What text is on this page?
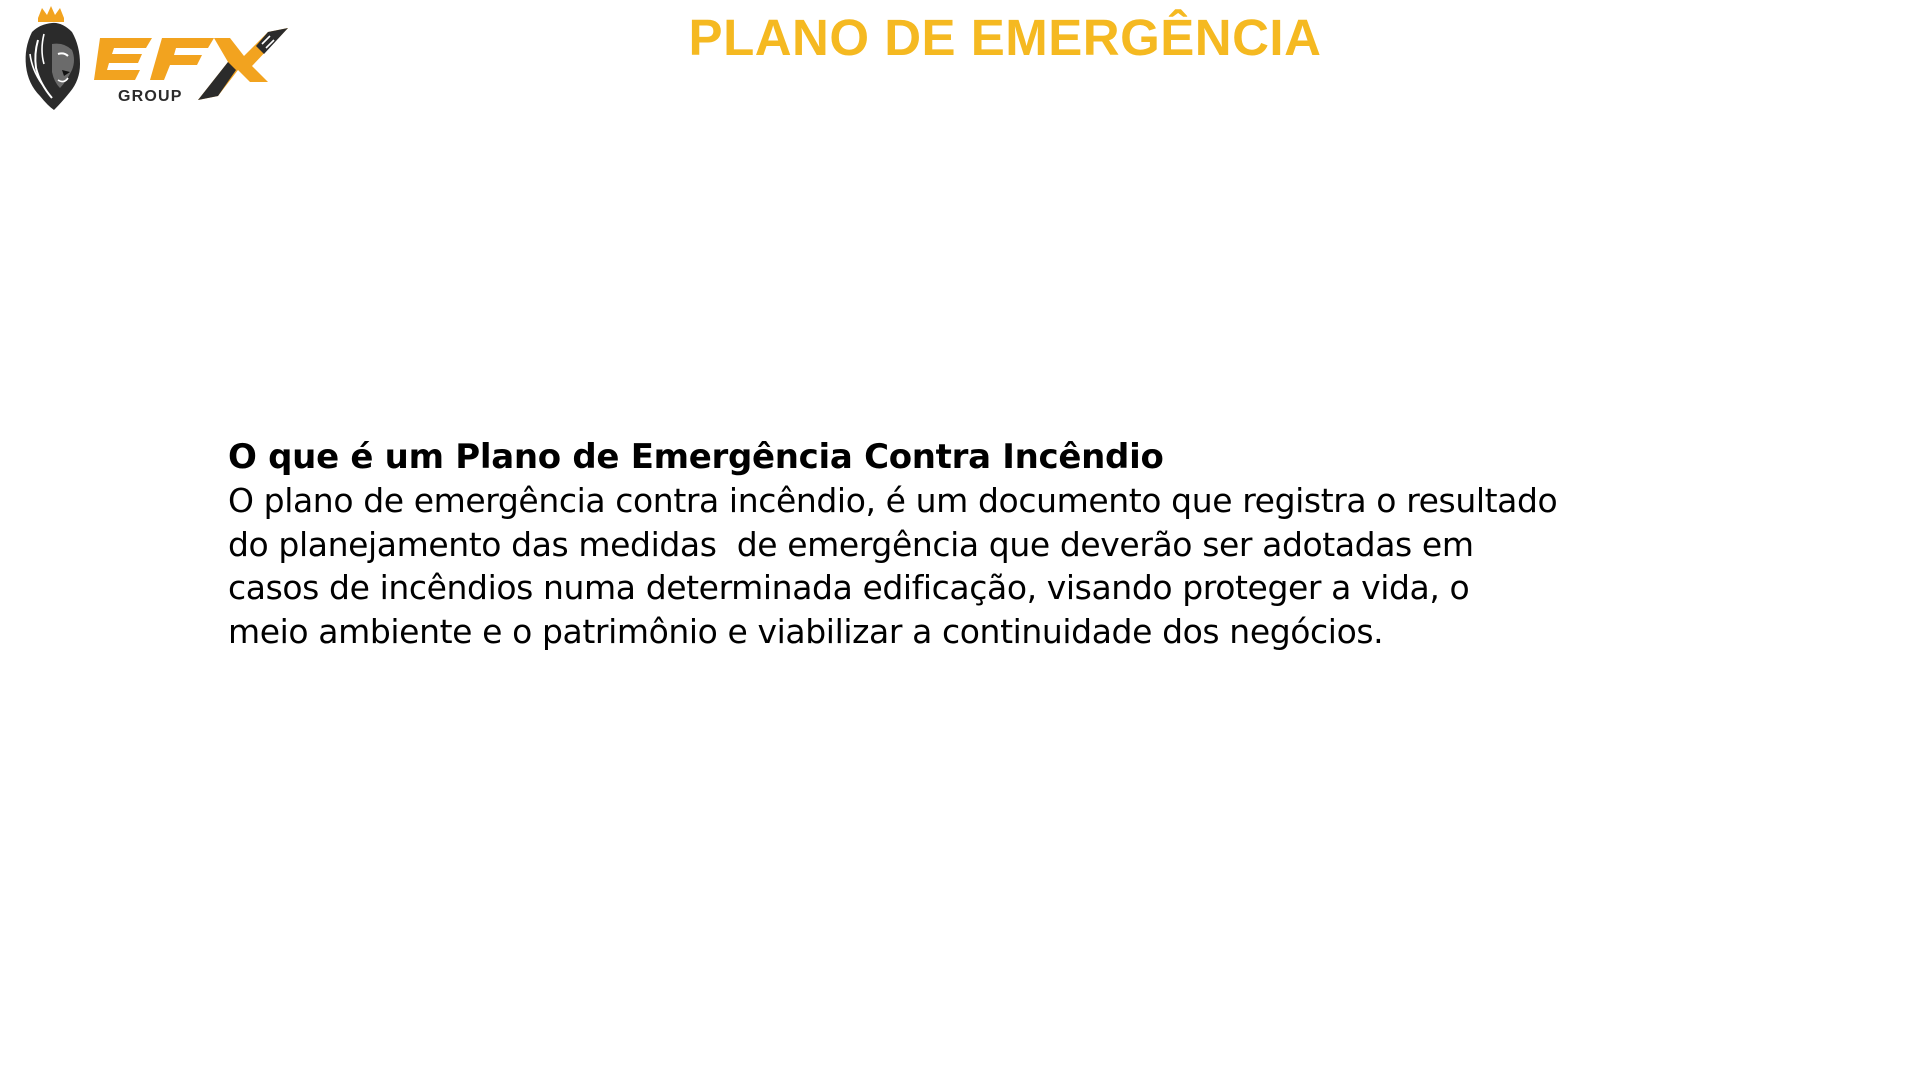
GROUP
PLANO DE EMERGÊNCIA
O que é um Plano de Emergência Contra Incêndio
O plano de emergência contra incêndio, é um documento que registra o resultado
do planejamento das medidas  de emergência que deverão ser adotadas em
casos de incêndios numa determinada edificação, visando proteger a vida, o
meio ambiente e o patrimônio e viabilizar a continuidade dos negócios.
